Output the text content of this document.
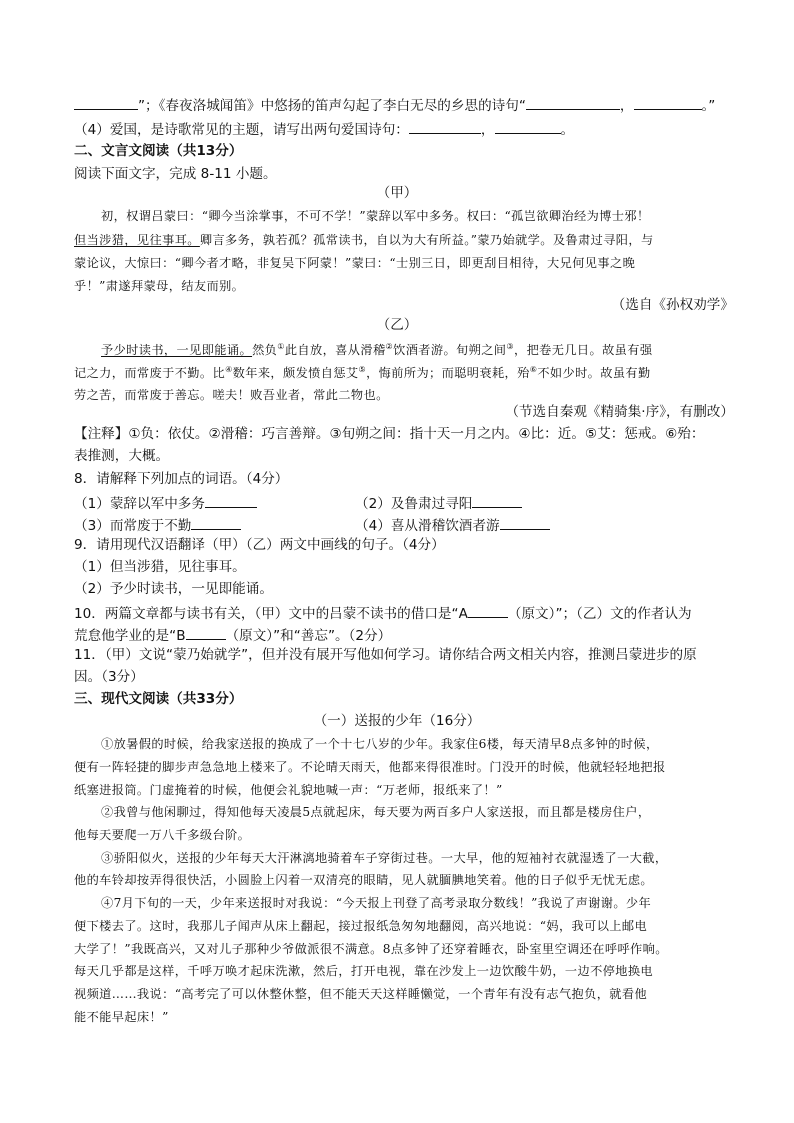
”；《春夜洛城闻笛》中悠扬的笛声勾起了李白无尽的乡思的诗句“	，	。”
（4）爱国，是诗歌常见的主题，请写出两句爱国诗句：	，	。
二、文言文阅读（共13分）
阅读下面文字，完成 8-11 小题。
（甲）
初，权谓吕蒙曰：“卿今当涂掌事，不可不学！”蒙辞以军中多务。权曰：“孤岂欲卿治经为博士邪！
但当涉猎，见往事耳。卿言多务，孰若孤？孤常读书，自以为大有所益。”蒙乃始就学。及鲁肃过寻阳，与
蒙论议，大惊曰：“卿今者才略，非复吴下阿蒙！”蒙曰：“士别三日，即更刮目相待，大兄何见事之晚
乎！”肃遂拜蒙母，结友而别。
（选自《孙权劝学》
（乙）
予少时读书，一见即能诵。然负①此自放，喜从滑稽②饮酒者游。旬朔之间③，把卷无几日。故虽有强
记之力，而常废于不勤。比④数年来，颇发愤自惩艾⑤，悔前所为；而聪明衰耗，殆⑥不如少时。故虽有勤
劳之苦，而常废于善忘。嗟夫！败吾业者，常此二物也。
（节选自秦观《精骑集·序》，有删改）
【注释】①负：依仗。②滑稽：巧言善辩。③旬朔之间：指十天一月之内。④比：近。⑤艾：惩戒。⑥殆：
表推测，大概。
8．请解释下列加点的词语。（4分）
（1）蒙辞以军中多务	（2）及鲁肃过寻阳
（3）而常废于不勤	（4）喜从滑稽饮酒者游
9．请用现代汉语翻译（甲）（乙）两文中画线的句子。（4分）
（1）但当涉猎，见往事耳。
（2）予少时读书，一见即能诵。
10．两篇文章都与读书有关，（甲）文中的吕蒙不读书的借口是“A	（原文）”；（乙）文的作者认为
荒怠他学业的是“B	（原文）”和“善忘”。（2分）
11．（甲）文说“蒙乃始就学”，但并没有展开写他如何学习。请你结合两文相关内容，推测吕蒙进步的原
因。（3分）
三、现代文阅读（共33分）
（一）送报的少年（16分）
①放暑假的时候，给我家送报的换成了一个十七八岁的少年。我家住6楼，每天清早8点多钟的时候，
便有一阵轻捷的脚步声急急地上楼来了。不论晴天雨天，他都来得很准时。门没开的时候，他就轻轻地把报
纸塞进报筒。门虚掩着的时候，他便会礼貌地喊一声：“万老师，报纸来了！”
②我曾与他闲聊过，得知他每天凌晨5点就起床，每天要为两百多户人家送报，而且都是楼房住户，
他每天要爬一万八千多级台阶。
③骄阳似火，送报的少年每天大汗淋漓地骑着车子穿街过巷。一大早，他的短袖衬衣就湿透了一大截，
他的车铃却按弄得很快活，小圆脸上闪着一双清亮的眼睛，见人就腼腆地笑着。他的日子似乎无忧无虑。
④7月下旬的一天，少年来送报时对我说：“今天报上刊登了高考录取分数线！”我说了声谢谢。少年
便下楼去了。这时，我那儿子闻声从床上翻起，接过报纸急匆匆地翻阅，高兴地说：“妈，我可以上邮电
大学了！”我既高兴，又对儿子那种少爷做派很不满意。8点多钟了还穿着睡衣，卧室里空调还在呼呼作响。
每天几乎都是这样，千呼万唤才起床洗漱，然后，打开电视，靠在沙发上一边饮酸牛奶，一边不停地换电
视频道……我说：“高考完了可以休整休整，但不能天天这样睡懒觉，一个青年有没有志气抱负，就看他
能不能早起床！”
